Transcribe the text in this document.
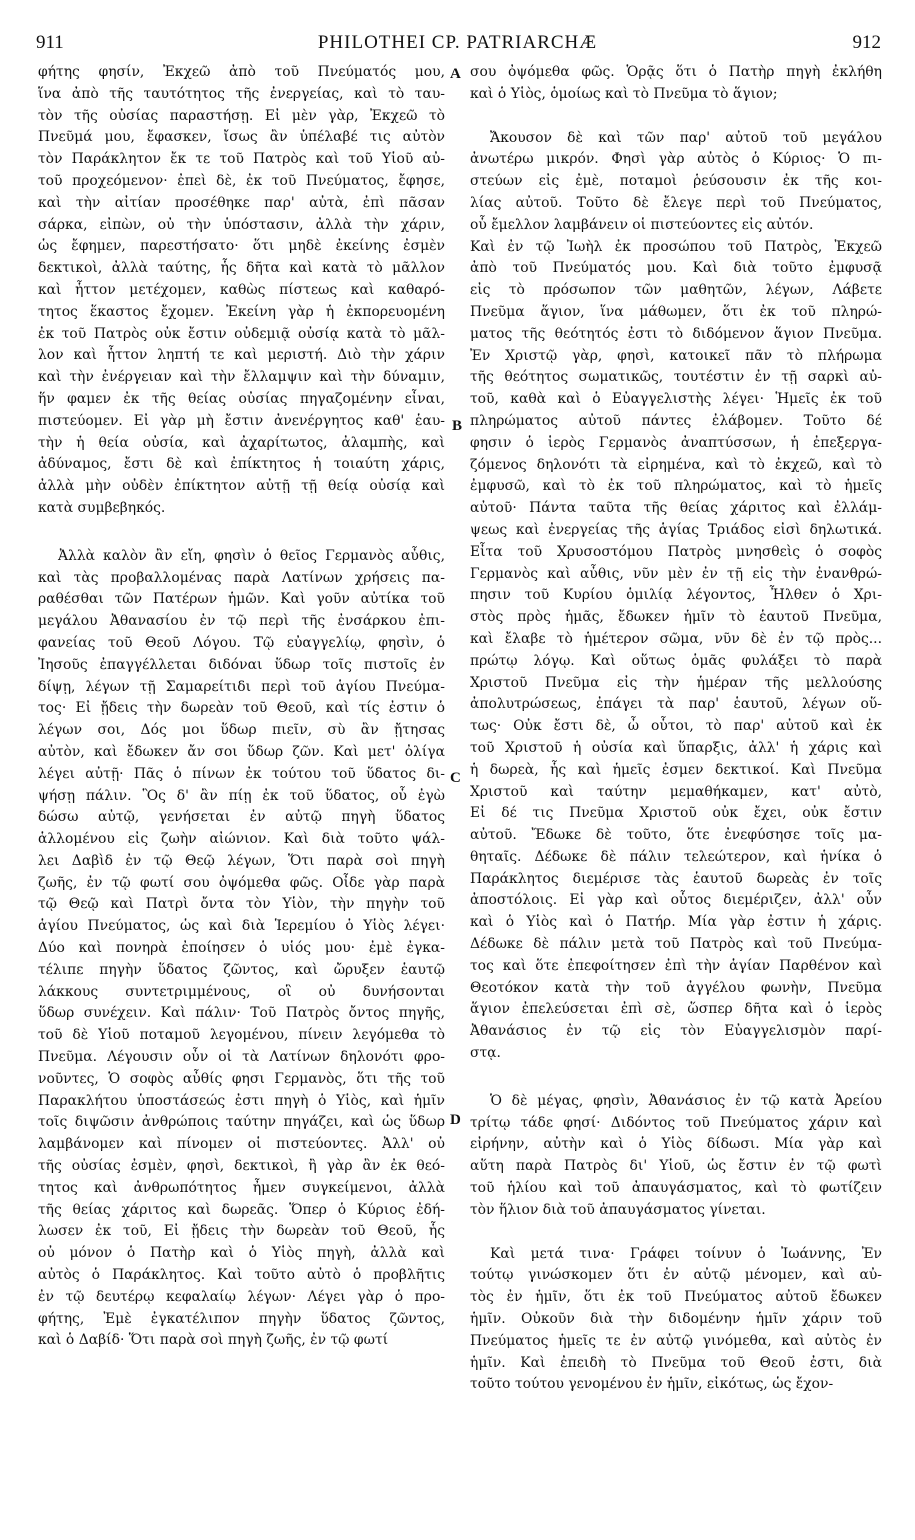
911	PHILOTHEI CP. PATRIARCHÆ	912

φήτης φησίν, Ἐκχεῶ ἀπὸ τοῦ Πνεύματός μου,

ἵνα ἀπὸ τῆς ταυτότητος τῆς ἐνεργείας, καὶ τὸ ταυ-

τὸν τῆς οὐσίας παραστήσῃ. Εἰ μὲν γὰρ, Ἐκχεῶ τὸ

Πνεῦμά μου, ἔφασκεν, ἴσως ἂν ὑπέλαβέ τις αὐτὸν

τὸν Παράκλητον ἔκ τε τοῦ Πατρὸς καὶ τοῦ Υἱοῦ αὐ-

τοῦ προχεόμενον· ἐπεὶ δὲ, ἐκ τοῦ Πνεύματος, ἔφησε,

καὶ τὴν αἰτίαν προσέθηκε παρ' αὐτὰ, ἐπὶ πᾶσαν

σάρκα, εἰπὼν, οὐ τὴν ὑπόστασιν, ἀλλὰ τὴν χάριν,

ὡς ἔφημεν, παρεστήσατο· ὅτι μηδὲ ἐκείνης ἐσμὲν

δεκτικοὶ, ἀλλὰ ταύτης, ἧς δῆτα καὶ κατὰ τὸ μᾶλλον

καὶ ἧττον μετέχομεν, καθὼς πίστεως καὶ καθαρό-

τητος ἕκαστος ἔχομεν. Ἐκείνη γὰρ ἡ ἐκπορευομένη

ἐκ τοῦ Πατρὸς οὐκ ἔστιν οὐδεμιᾷ οὐσίᾳ κατὰ τὸ μᾶλ-

λον καὶ ἧττον ληπτή τε καὶ μεριστή. Διὸ τὴν χάριν

καὶ τὴν ἐνέργειαν καὶ τὴν ἔλλαμψιν καὶ τὴν δύναμιν,

ἥν φαμεν ἐκ τῆς θείας οὐσίας πηγαζομένην εἶναι,

πιστεύομεν. Εἰ γὰρ μὴ ἔστιν ἀνενέργητος καθ' ἑαυ-

τὴν ἡ θεία οὐσία, καὶ ἀχαρίτωτος, ἀλαμπὴς, καὶ

ἀδύναμος, ἔστι δὲ καὶ ἐπίκτητος ἡ τοιαύτη χάρις,

ἀλλὰ μὴν οὐδὲν ἐπίκτητον αὐτῇ τῇ θείᾳ οὐσίᾳ καὶ

κατὰ συμβεβηκός.

Ἀλλὰ καλὸν ἂν εἴη, φησὶν ὁ θεῖος Γερμανὸς αὖθις,

καὶ τὰς προβαλλομένας παρὰ Λατίνων χρήσεις πα-

ραθέσθαι τῶν Πατέρων ἡμῶν. Καὶ γοῦν αὐτίκα τοῦ

μεγάλου Ἀθανασίου ἐν τῷ περὶ τῆς ἐνσάρκου ἐπι-

φανείας τοῦ Θεοῦ Λόγου. Τῷ εὐαγγελίῳ, φησὶν, ὁ

Ἰησοῦς ἐπαγγέλλεται διδόναι ὕδωρ τοῖς πιστοῖς ἐν

δίψῃ, λέγων τῇ Σαμαρείτιδι περὶ τοῦ ἁγίου Πνεύμα-

τος· Εἰ ᾔδεις τὴν δωρεὰν τοῦ Θεοῦ, καὶ τίς ἐστιν ὁ

λέγων σοι, Δός μοι ὕδωρ πιεῖν, σὺ ἂν ᾔτησας

αὐτὸν, καὶ ἔδωκεν ἄν σοι ὕδωρ ζῶν. Καὶ μετ' ὀλίγα

λέγει αὐτῇ· Πᾶς ὁ πίνων ἐκ τούτου τοῦ ὕδατος δι-

ψήσῃ πάλιν. Ὃς δ' ἂν πίῃ ἐκ τοῦ ὕδατος, οὗ ἐγὼ

δώσω αὐτῷ, γενήσεται ἐν αὐτῷ πηγὴ ὕδατος

ἁλλομένου εἰς ζωὴν αἰώνιον. Καὶ διὰ τοῦτο ψάλ-

λει Δαβὶδ ἐν τῷ Θεῷ λέγων, Ὅτι παρὰ σοὶ πηγὴ

ζωῆς, ἐν τῷ φωτί σου ὀψόμεθα φῶς. Οἶδε γὰρ παρὰ

τῷ Θεῷ καὶ Πατρὶ ὄντα τὸν Υἱὸν, τὴν πηγὴν τοῦ

ἁγίου Πνεύματος, ὡς καὶ διὰ Ἱερεμίου ὁ Υἱὸς λέγει·

Δύο καὶ πονηρὰ ἐποίησεν ὁ υἱός μου· ἐμὲ ἐγκα-

τέλιπε πηγὴν ὕδατος ζῶντος, καὶ ὤρυξεν ἑαυτῷ

λάκκους συντετριμμένους, οἳ οὐ δυνήσονται

ὕδωρ συνέχειν. Καὶ πάλιν· Τοῦ Πατρὸς ὄντος πηγῆς,

τοῦ δὲ Υἱοῦ ποταμοῦ λεγομένου, πίνειν λεγόμεθα τὸ

Πνεῦμα. Λέγουσιν οὖν οἱ τὰ Λατίνων δηλονότι φρο-

νοῦντες, Ὁ σοφὸς αὖθίς φησι Γερμανὸς, ὅτι τῆς τοῦ

Παρακλήτου ὑποστάσεώς ἐστι πηγὴ ὁ Υἱὸς, καὶ ἡμῖν

τοῖς διψῶσιν ἀνθρώποις ταύτην πηγάζει, καὶ ὡς ὕδωρ

λαμβάνομεν καὶ πίνομεν οἱ πιστεύοντες. Ἀλλ' οὐ

τῆς οὐσίας ἐσμὲν, φησὶ, δεκτικοὶ, ἢ γὰρ ἂν ἐκ θεό-

τητος καὶ ἀνθρωπότητος ἦμεν συγκείμενοι, ἀλλὰ

τῆς θείας χάριτος καὶ δωρεᾶς. Ὅπερ ὁ Κύριος ἐδή-

λωσεν ἐκ τοῦ, Εἰ ᾔδεις τὴν δωρεὰν τοῦ Θεοῦ, ἧς

οὐ μόνον ὁ Πατὴρ καὶ ὁ Υἱὸς πηγὴ, ἀλλὰ καὶ

αὐτὸς ὁ Παράκλητος. Καὶ τοῦτο αὐτὸ ὁ προβλῆτις

ἐν τῷ δευτέρῳ κεφαλαίῳ λέγων· Λέγει γὰρ ὁ προ-

φήτης, Ἐμὲ ἐγκατέλιπον πηγὴν ὕδατος ζῶντος,

καὶ ὁ Δαβίδ· Ὅτι παρὰ σοὶ πηγὴ ζωῆς, ἐν τῷ φωτί

σου ὀψόμεθα φῶς. Ὁρᾷς ὅτι ὁ Πατὴρ πηγὴ ἐκλήθη

καὶ ὁ Υἱὸς, ὁμοίως καὶ τὸ Πνεῦμα τὸ ἅγιον;

Ἄκουσον δὲ καὶ τῶν παρ' αὐτοῦ τοῦ μεγάλου

ἀνωτέρω μικρόν. Φησὶ γὰρ αὐτὸς ὁ Κύριος· Ὁ πι-

στεύων εἰς ἐμὲ, ποταμοὶ ῥεύσουσιν ἐκ τῆς κοι-

λίας αὐτοῦ. Τοῦτο δὲ ἔλεγε περὶ τοῦ Πνεύματος,

οὗ ἔμελλον λαμβάνειν οἱ πιστεύοντες εἰς αὐτόν.

Καὶ ἐν τῷ Ἰωὴλ ἐκ προσώπου τοῦ Πατρὸς, Ἐκχεῶ

ἀπὸ τοῦ Πνεύματός μου. Καὶ διὰ τοῦτο ἐμφυσᾷ

εἰς τὸ πρόσωπον τῶν μαθητῶν, λέγων, Λάβετε

Πνεῦμα ἅγιον, ἵνα μάθωμεν, ὅτι ἐκ τοῦ πληρώ-

ματος τῆς θεότητός ἐστι τὸ διδόμενον ἅγιον Πνεῦμα.

Ἐν Χριστῷ γὰρ, φησὶ, κατοικεῖ πᾶν τὸ πλήρωμα

τῆς θεότητος σωματικῶς, τουτέστιν ἐν τῇ σαρκὶ αὐ-

τοῦ, καθὰ καὶ ὁ Εὐαγγελιστὴς λέγει· Ἡμεῖς ἐκ τοῦ

πληρώματος αὐτοῦ πάντες ἐλάβομεν. Τοῦτο δέ

φησιν ὁ ἱερὸς Γερμανὸς ἀναπτύσσων, ἡ ἐπεξεργα-

ζόμενος δηλονότι τὰ εἰρημένα, καὶ τὸ ἐκχεῶ, καὶ τὸ

ἐμφυσῶ, καὶ τὸ ἐκ τοῦ πληρώματος, καὶ τὸ ἡμεῖς

αὐτοῦ· Πάντα ταῦτα τῆς θείας χάριτος καὶ ἐλλάμ-

ψεως καὶ ἐνεργείας τῆς ἁγίας Τριάδος εἰσὶ δηλωτικά.

Εἶτα τοῦ Χρυσοστόμου Πατρὸς μνησθεὶς ὁ σοφὸς

Γερμανὸς καὶ αὖθις, νῦν μὲν ἐν τῇ εἰς τὴν ἐνανθρώ-

πησιν τοῦ Κυρίου ὁμιλίᾳ λέγοντος, Ἦλθεν ὁ Χρι-

στὸς πρὸς ἡμᾶς, ἔδωκεν ἡμῖν τὸ ἑαυτοῦ Πνεῦμα,

καὶ ἔλαβε τὸ ἡμέτερον σῶμα, νῦν δὲ ἐν τῷ πρὸς...

πρώτῳ λόγῳ. Καὶ οὕτως ὁμᾶς φυλάξει τὸ παρὰ

Χριστοῦ Πνεῦμα εἰς τὴν ἡμέραν τῆς μελλούσης

ἀπολυτρώσεως, ἐπάγει τὰ παρ' ἑαυτοῦ, λέγων οὕ-

τως· Οὐκ ἔστι δὲ, ὦ οὗτοι, τὸ παρ' αὐτοῦ καὶ ἐκ

τοῦ Χριστοῦ ἡ οὐσία καὶ ὕπαρξις, ἀλλ' ἡ χάρις καὶ

ἡ δωρεὰ, ἧς καὶ ἡμεῖς ἐσμεν δεκτικοί. Καὶ Πνεῦμα

Χριστοῦ καὶ ταύτην μεμαθήκαμεν, κατ' αὐτὸ,

Εἰ δέ τις Πνεῦμα Χριστοῦ οὐκ ἔχει, οὐκ ἔστιν

αὐτοῦ. Ἔδωκε δὲ τοῦτο, ὅτε ἐνεφύσησε τοῖς μα-

θηταῖς. Δέδωκε δὲ πάλιν τελεώτερον, καὶ ἡνίκα ὁ

Παράκλητος διεμέρισε τὰς ἑαυτοῦ δωρεὰς ἐν τοῖς

ἀποστόλοις. Εἰ γὰρ καὶ οὗτος διεμέριζεν, ἀλλ' οὖν

καὶ ὁ Υἱὸς καὶ ὁ Πατήρ. Μία γὰρ ἐστιν ἡ χάρις.

Δέδωκε δὲ πάλιν μετὰ τοῦ Πατρὸς καὶ τοῦ Πνεύμα-

τος καὶ ὅτε ἐπεφοίτησεν ἐπὶ τὴν ἁγίαν Παρθένον καὶ

Θεοτόκον κατὰ τὴν τοῦ ἀγγέλου φωνὴν, Πνεῦμα

ἅγιον ἐπελεύσεται ἐπὶ σὲ, ὥσπερ δῆτα καὶ ὁ ἱερὸς

Ἀθανάσιος ἐν τῷ εἰς τὸν Εὐαγγελισμὸν παρί-

στᾳ.

Ὁ δὲ μέγας, φησὶν, Ἀθανάσιος ἐν τῷ κατὰ Ἀρείου

τρίτῳ τάδε φησί· Διδόντος τοῦ Πνεύματος χάριν καὶ

εἰρήνην, αὐτὴν καὶ ὁ Υἱὸς δίδωσι. Μία γὰρ καὶ

αὕτη παρὰ Πατρὸς δι' Υἱοῦ, ὡς ἔστιν ἐν τῷ φωτὶ

τοῦ ἡλίου καὶ τοῦ ἀπαυγάσματος, καὶ τὸ φωτίζειν

τὸν ἥλιον διὰ τοῦ ἀπαυγάσματος γίνεται.

Καὶ μετά τινα· Γράφει τοίνυν ὁ Ἰωάννης, Ἐν

τούτῳ γινώσκομεν ὅτι ἐν αὐτῷ μένομεν, καὶ αὐ-

τὸς ἐν ἡμῖν, ὅτι ἐκ τοῦ Πνεύματος αὐτοῦ ἔδωκεν

ἡμῖν. Οὐκοῦν διὰ τὴν διδομένην ἡμῖν χάριν τοῦ

Πνεύματος ἡμεῖς τε ἐν αὐτῷ γινόμεθα, καὶ αὐτὸς ἐν

ἡμῖν. Καὶ ἐπειδὴ τὸ Πνεῦμα τοῦ Θεοῦ ἐστι, διὰ

τοῦτο τούτου γενομένου ἐν ἡμῖν, εἰκότως, ὡς ἔχον-

A
B
C
D
